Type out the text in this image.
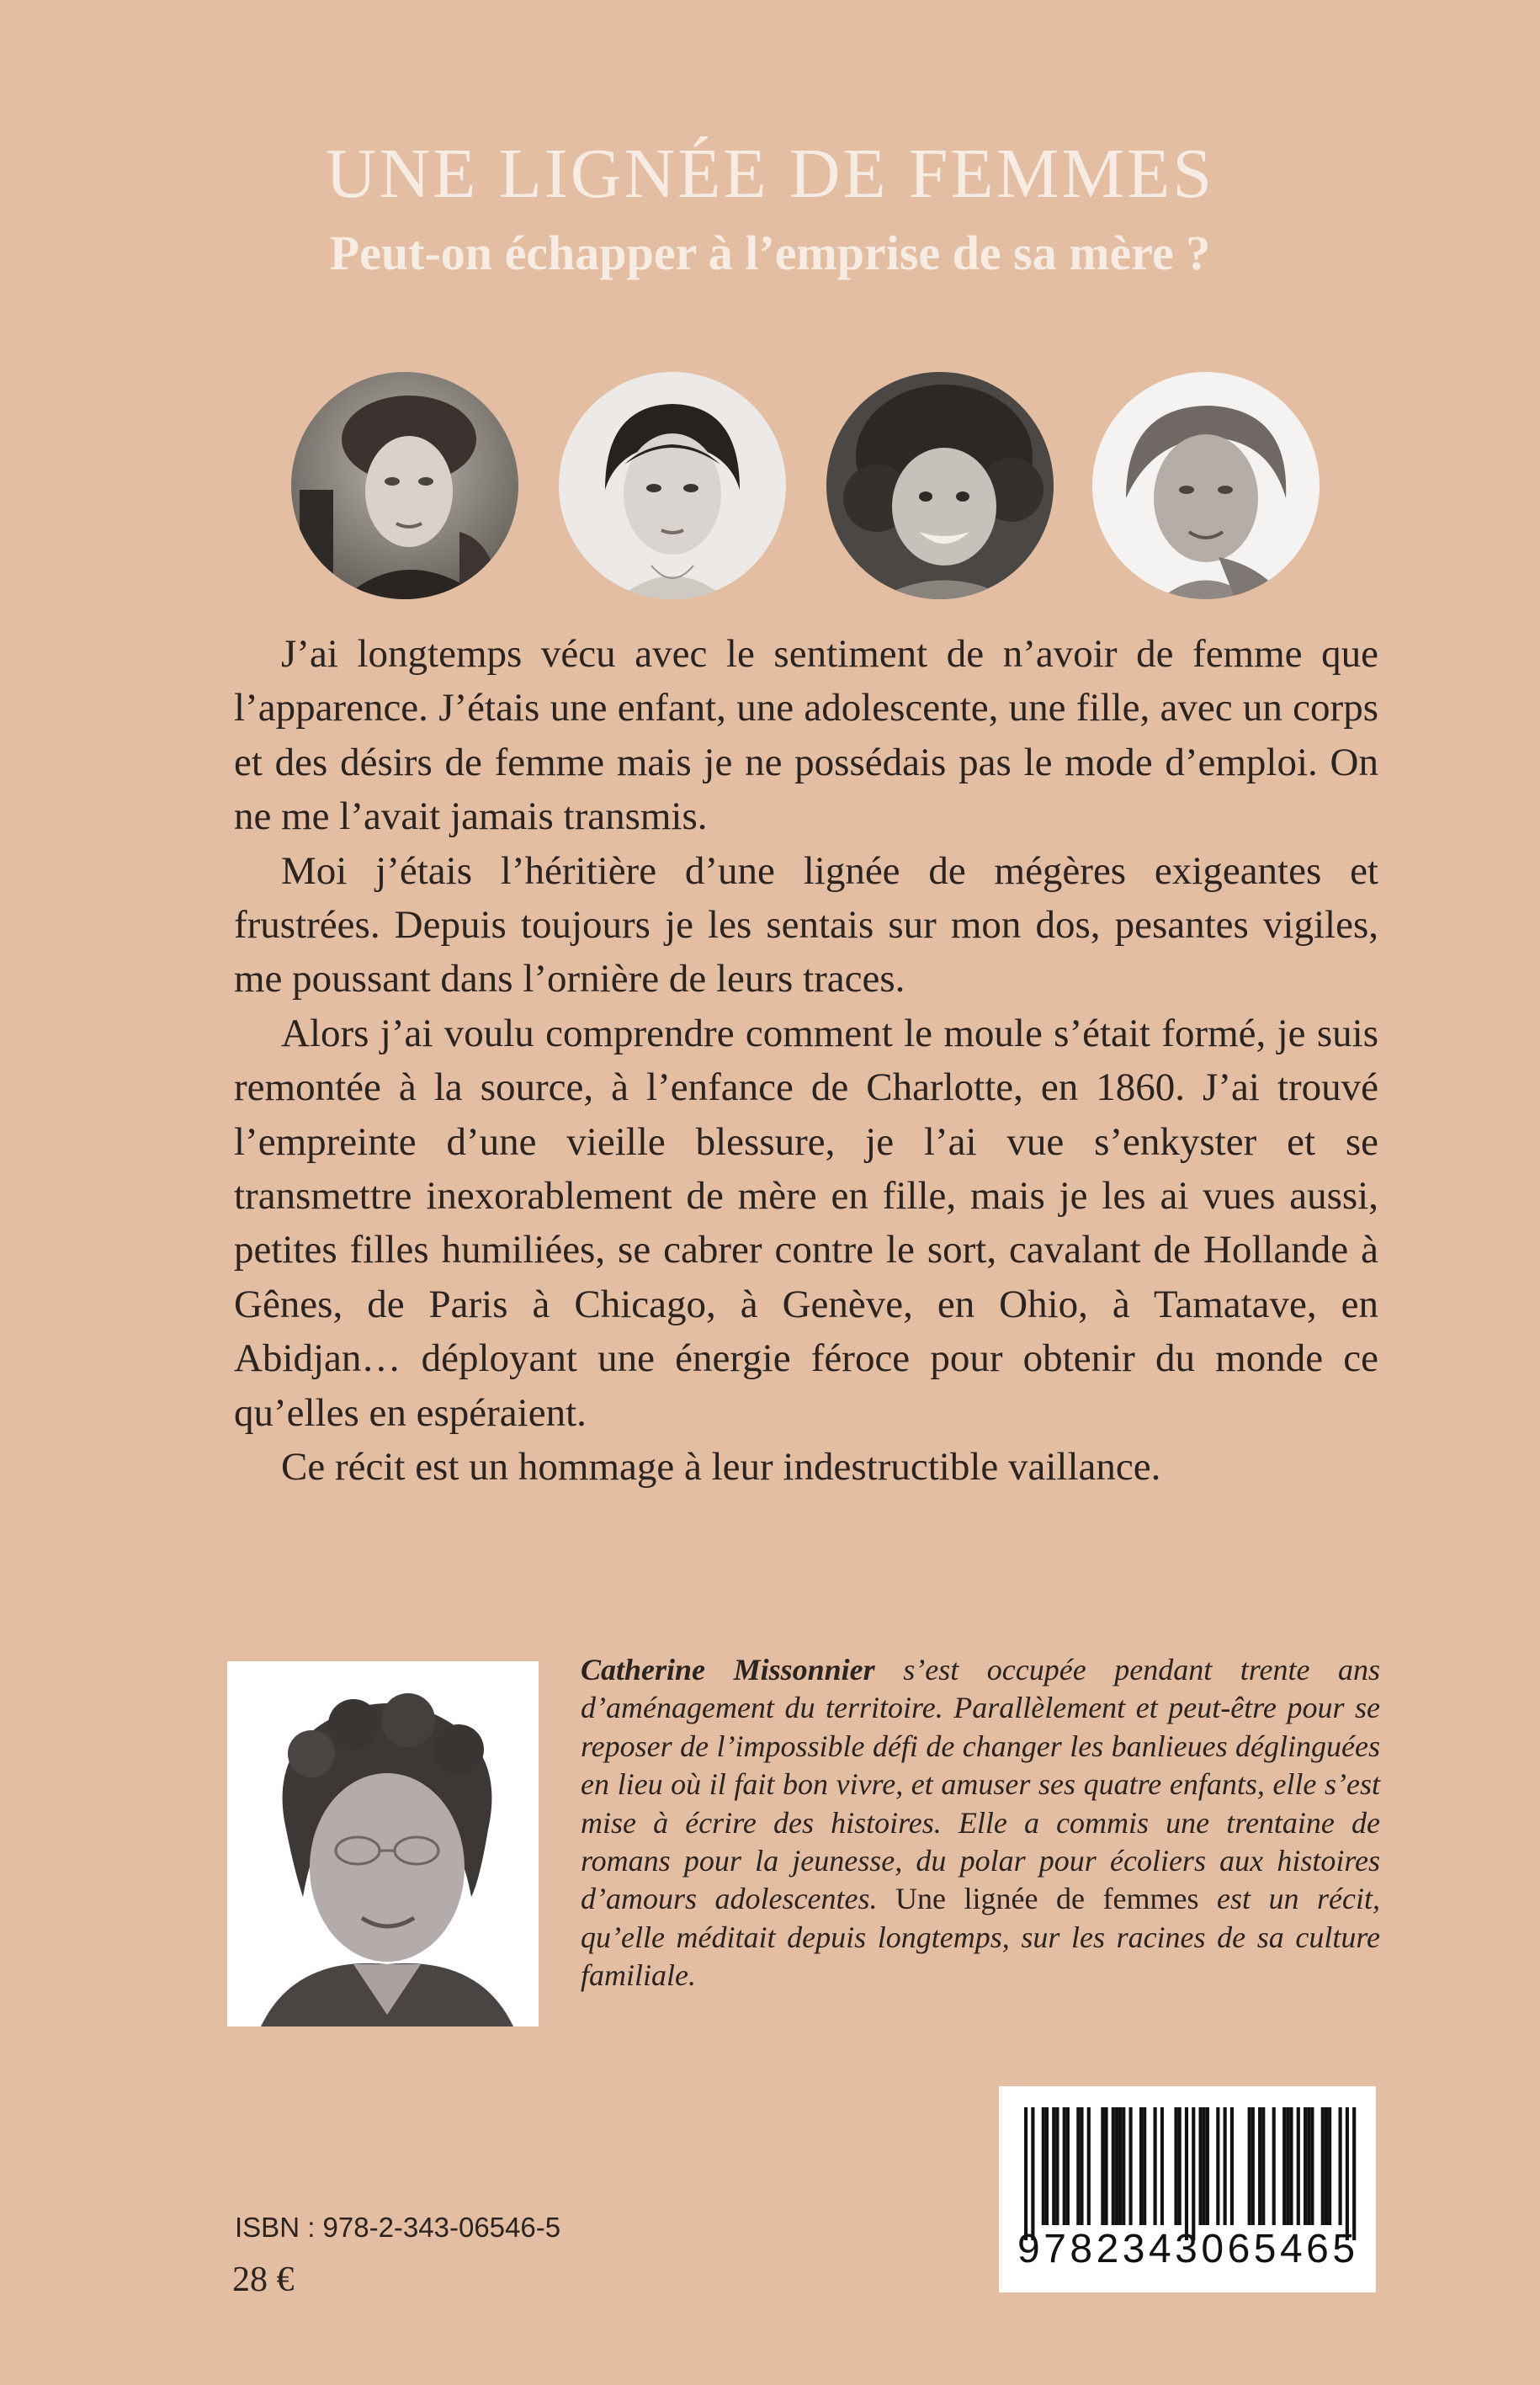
UNE LIGNÉE DE FEMMES
Peut-on échapper à l’emprise de sa mère ?

J’ai longtemps vécu avec le sentiment de n’avoir de femme que l’apparence. J’étais une enfant, une adolescente, une fille, avec un corps et des désirs de femme mais je ne possédais pas le mode d’emploi. On ne me l’avait jamais transmis.

Moi j’étais l’héritière d’une lignée de mégères exigeantes et frustrées. Depuis toujours je les sentais sur mon dos, pesantes vigiles, me poussant dans l’ornière de leurs traces.

Alors j’ai voulu comprendre comment le moule s’était formé, je suis remontée à la source, à l’enfance de Charlotte, en 1860. J’ai trouvé l’empreinte d’une vieille blessure, je l’ai vue s’enkyster et se transmettre inexorablement de mère en fille, mais je les ai vues aussi, petites filles humiliées, se cabrer contre le sort, cavalant de Hollande à Gênes, de Paris à Chicago, à Genève, en Ohio, à Tamatave, en Abidjan… déployant une énergie féroce pour obtenir du monde ce qu’elles en espéraient.

Ce récit est un hommage à leur indestructible vaillance.

Catherine Missonnier s’est occupée pendant trente ans d’aménagement du territoire. Parallèlement et peut-être pour se reposer de l’impossible défi de changer les banlieues déglinguées en lieu où il fait bon vivre, et amuser ses quatre enfants, elle s’est mise à écrire des histoires. Elle a commis une trentaine de romans pour la jeunesse, du polar pour écoliers aux histoires d’amours adolescentes. Une lignée de femmes est un récit, qu’elle méditait depuis longtemps, sur les racines de sa culture familiale.
ISBN : 978-2-343-06546-5
28 €
9782343065465
